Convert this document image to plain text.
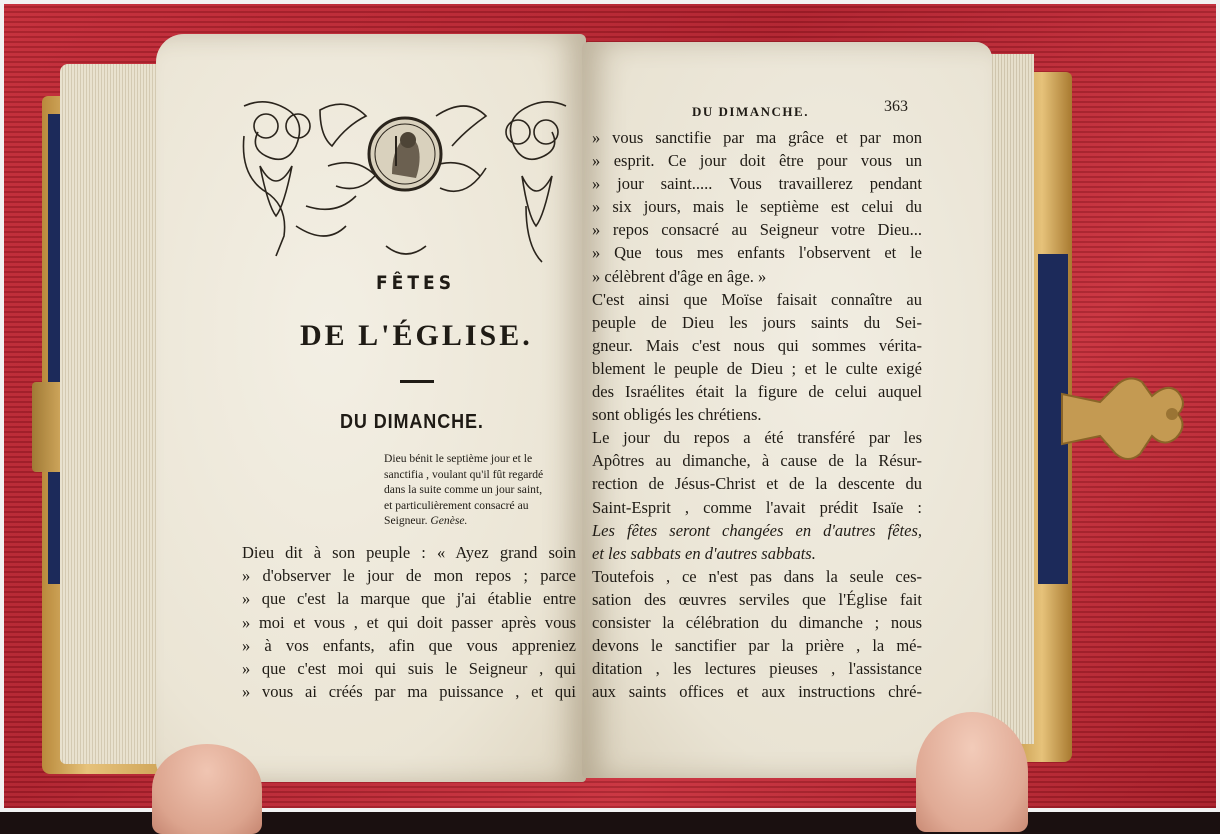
FÊTES
DE L'ÉGLISE.
DU DIMANCHE.
Dieu bénit le septième jour et le
sanctifia , voulant qu'il fût regardé
dans la suite comme un jour saint,
et particulièrement consacré au
Seigneur. Genèse.
Dieu dit à son peuple : « Ayez grand soin
» d'observer le jour de mon repos ; parce
» que c'est la marque que j'ai établie entre
» moi et vous , et qui doit passer après vous
» à vos enfants, afin que vous appreniez
» que c'est moi qui suis le Seigneur , qui
» vous ai créés par ma puissance , et qui
DU DIMANCHE.	363
» vous sanctifie par ma grâce et par mon
» esprit. Ce jour doit être pour vous un
» jour saint..... Vous travaillerez pendant
» six jours, mais le septième est celui du
» repos consacré au Seigneur votre Dieu...
» Que tous mes enfants l'observent et le
» célèbrent d'âge en âge. »
C'est ainsi que Moïse faisait connaître au
peuple de Dieu les jours saints du Sei-
gneur. Mais c'est nous qui sommes vérita-
blement le peuple de Dieu ; et le culte exigé
des Israélites était la figure de celui auquel
sont obligés les chrétiens.
Le jour du repos a été transféré par les
Apôtres au dimanche, à cause de la Résur-
rection de Jésus-Christ et de la descente du
Saint-Esprit , comme l'avait prédit Isaïe :
Les fêtes seront changées en d'autres fêtes,
et les sabbats en d'autres sabbats.
Toutefois , ce n'est pas dans la seule ces-
sation des œuvres serviles que l'Église fait
consister la célébration du dimanche ; nous
devons le sanctifier par la prière , la mé-
ditation , les lectures pieuses , l'assistance
aux saints offices et aux instructions chré-
